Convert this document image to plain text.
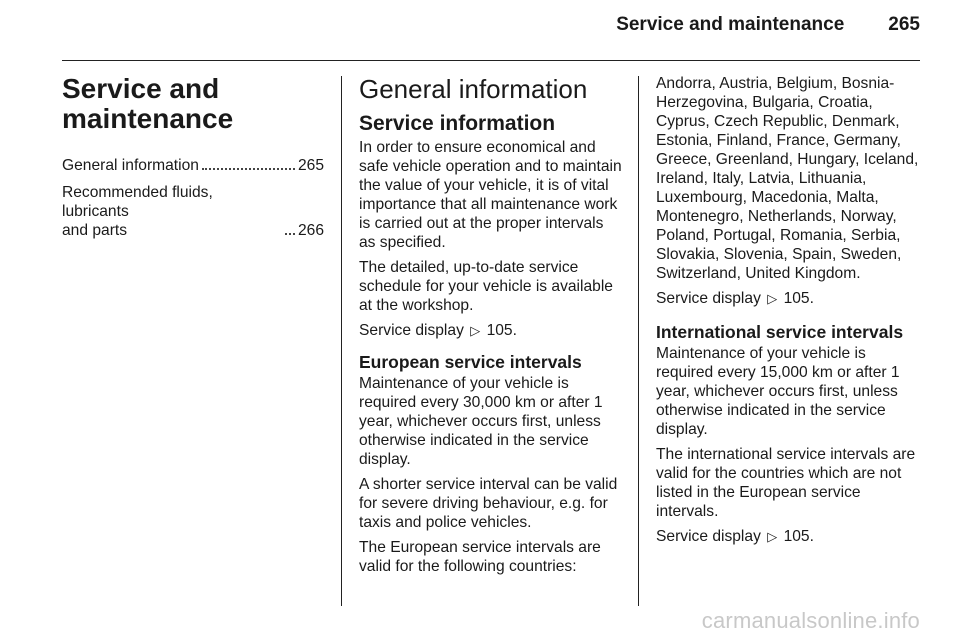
Service and maintenance 265
Service and
maintenance
General information	265
Recommended fluids, lubricants
and parts	266
General information
Service information

In order to ensure economical and safe vehicle operation and to maintain the value of your vehicle, it is of vital importance that all maintenance work is carried out at the proper intervals as specified.

The detailed, up-to-date service schedule for your vehicle is available at the workshop.

Service display ▷ 105.

European service intervals

Maintenance of your vehicle is required every 30,000 km or after 1 year, whichever occurs first, unless otherwise indicated in the service display.

A shorter service interval can be valid for severe driving behaviour, e.g. for taxis and police vehicles.

The European service intervals are valid for the following countries:

Andorra, Austria, Belgium, Bosnia-Herzegovina, Bulgaria, Croatia, Cyprus, Czech Republic, Denmark, Estonia, Finland, France, Germany, Greece, Greenland, Hungary, Iceland, Ireland, Italy, Latvia, Lithuania, Luxembourg, Macedonia, Malta, Montenegro, Netherlands, Norway, Poland, Portugal, Romania, Serbia, Slovakia, Slovenia, Spain, Sweden, Switzerland, United Kingdom.

Service display ▷ 105.

International service intervals

Maintenance of your vehicle is required every 15,000 km or after 1 year, whichever occurs first, unless otherwise indicated in the service display.

The international service intervals are valid for the countries which are not listed in the European service intervals.

Service display ▷ 105.

carmanualsonline.info
